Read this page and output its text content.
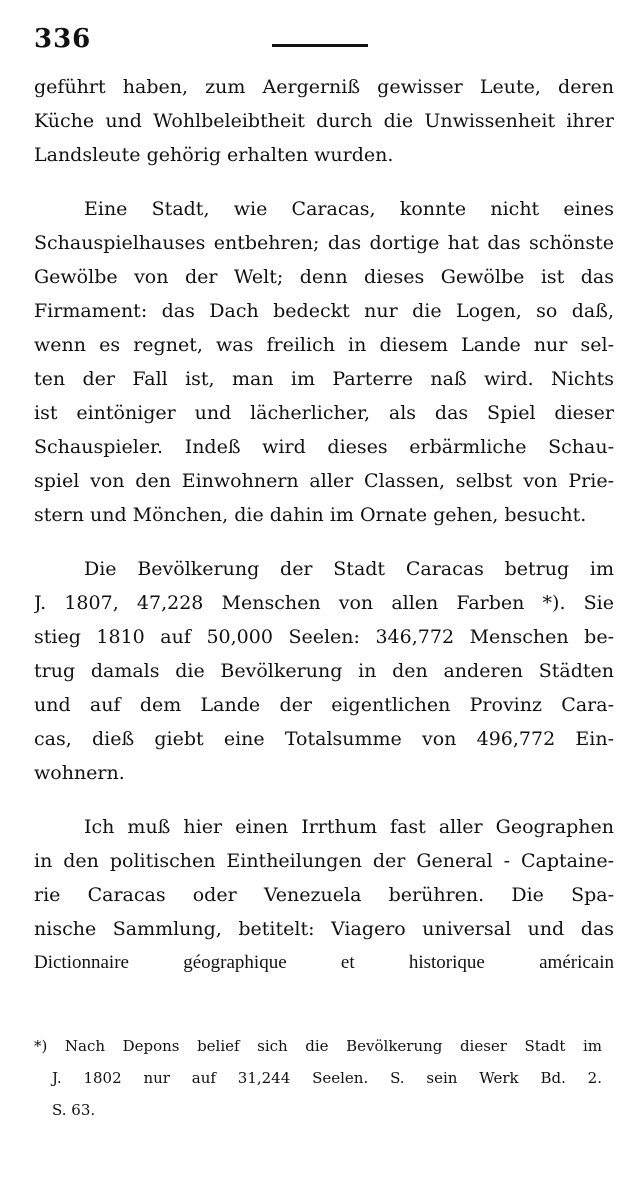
336
geführt haben, zum Aergerniß gewisser Leute, deren
Küche und Wohlbeleibtheit durch die Unwissenheit ihrer
Landsleute gehörig erhalten wurden.
Eine Stadt, wie Caracas, konnte nicht eines
Schauspielhauses entbehren; das dortige hat das schönste
Gewölbe von der Welt; denn dieses Gewölbe ist das
Firmament: das Dach bedeckt nur die Logen, so daß,
wenn es regnet, was freilich in diesem Lande nur sel-
ten der Fall ist, man im Parterre naß wird. Nichts
ist eintöniger und lächerlicher, als das Spiel dieser
Schauspieler. Indeß wird dieses erbärmliche Schau-
spiel von den Einwohnern aller Classen, selbst von Prie-
stern und Mönchen, die dahin im Ornate gehen, besucht.
Die Bevölkerung der Stadt Caracas betrug im
J. 1807, 47,228 Menschen von allen Farben *). Sie
stieg 1810 auf 50,000 Seelen: 346,772 Menschen be-
trug damals die Bevölkerung in den anderen Städten
und auf dem Lande der eigentlichen Provinz Cara-
cas, dieß giebt eine Totalsumme von 496,772 Ein-
wohnern.
Ich muß hier einen Irrthum fast aller Geographen
in den politischen Eintheilungen der General - Captaine-
rie Caracas oder Venezuela berühren. Die Spa-
nische Sammlung, betitelt: Viagero universal und das
Dictionnaire géographique et historique américain
*) Nach Depons belief sich die Bevölkerung dieser Stadt im
J. 1802 nur auf 31,244 Seelen. S. sein Werk Bd. 2.
S. 63.
